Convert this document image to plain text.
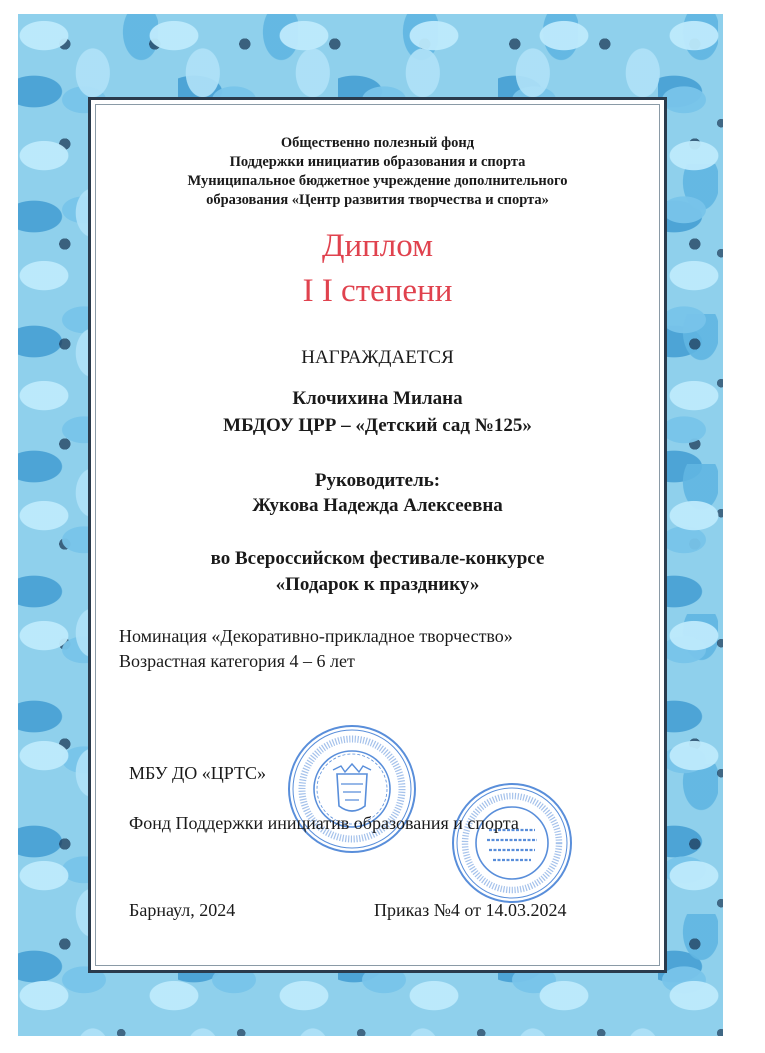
Общественно полезный фонд
Поддержки инициатив образования и спорта
Муниципальное бюджетное учреждение дополнительного
образования «Центр развития творчества и спорта»
Диплом
I I степени
НАГРАЖДАЕТСЯ
Клочихина Милана
МБДОУ ЦРР – «Детский сад №125»
Руководитель:
Жукова Надежда Алексеевна
во Всероссийском фестивале-конкурсе
«Подарок к празднику»
Номинация «Декоративно-прикладное творчество»
Возрастная категория 4 – 6 лет
МБУ ДО «ЦРТС»
Фонд Поддержки инициатив образования и спорта
Барнаул, 2024	Приказ №4 от 14.03.2024
